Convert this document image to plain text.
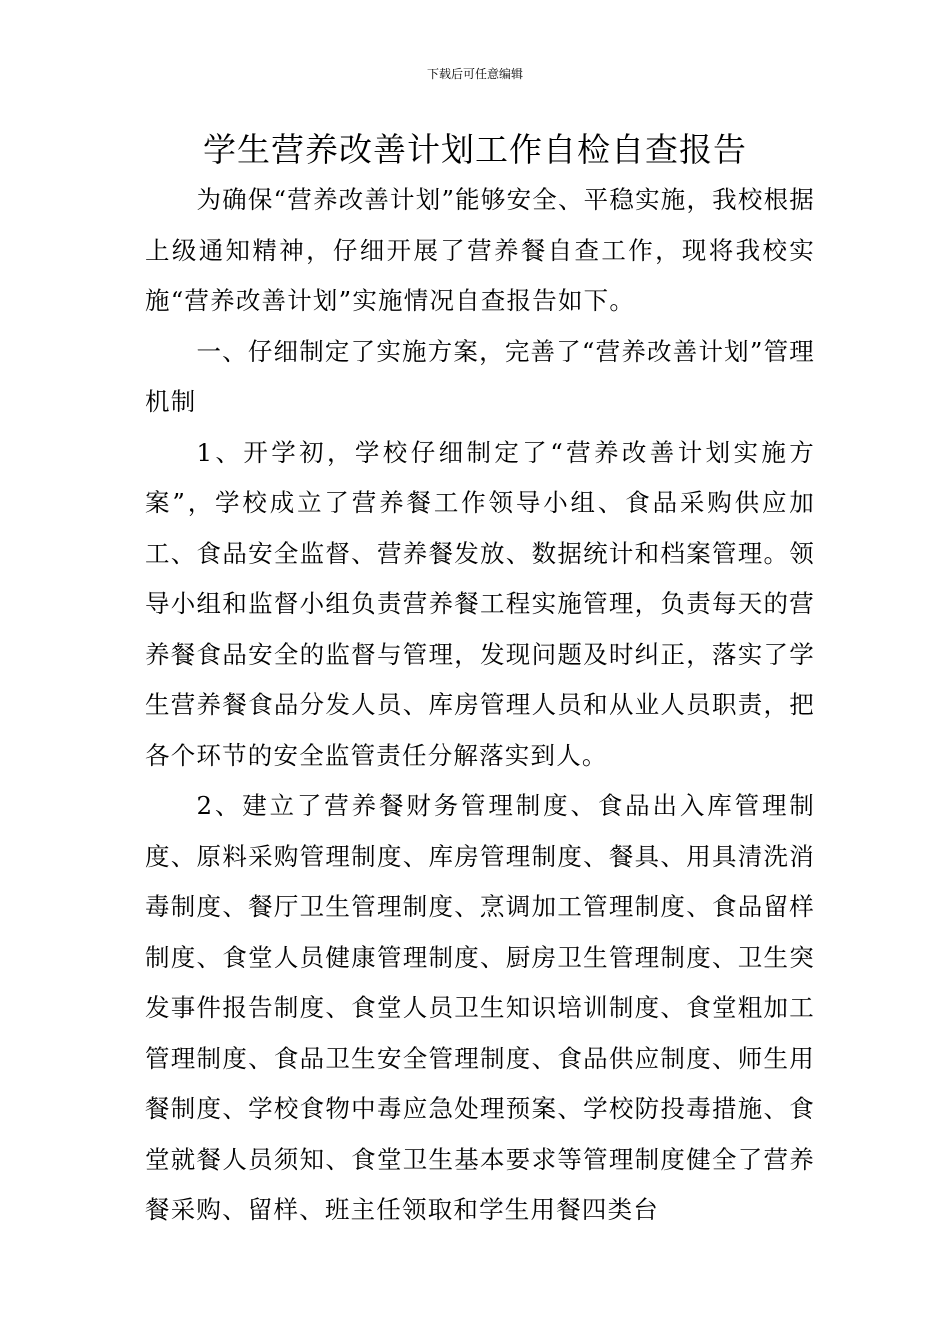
下载后可任意编辑
学生营养改善计划工作自检自查报告

为确保“营养改善计划”能够安全、平稳实施，我校根据上级通知精神，仔细开展了营养餐自查工作，现将我校实施“营养改善计划”实施情况自查报告如下。

一、仔细制定了实施方案，完善了“营养改善计划”管理机制

1、开学初，学校仔细制定了“营养改善计划实施方案”，学校成立了营养餐工作领导小组、食品采购供应加工、食品安全监督、营养餐发放、数据统计和档案管理。领导小组和监督小组负责营养餐工程实施管理，负责每天的营养餐食品安全的监督与管理，发现问题及时纠正，落实了学生营养餐食品分发人员、库房管理人员和从业人员职责，把各个环节的安全监管责任分解落实到人。

2、建立了营养餐财务管理制度、食品出入库管理制度、原料采购管理制度、库房管理制度、餐具、用具清洗消毒制度、餐厅卫生管理制度、烹调加工管理制度、食品留样制度、食堂人员健康管理制度、厨房卫生管理制度、卫生突发事件报告制度、食堂人员卫生知识培训制度、食堂粗加工管理制度、食品卫生安全管理制度、食品供应制度、师生用餐制度、学校食物中毒应急处理预案、学校防投毒措施、食堂就餐人员须知、食堂卫生基本要求等管理制度健全了营养餐采购、留样、班主任领取和学生用餐四类台
